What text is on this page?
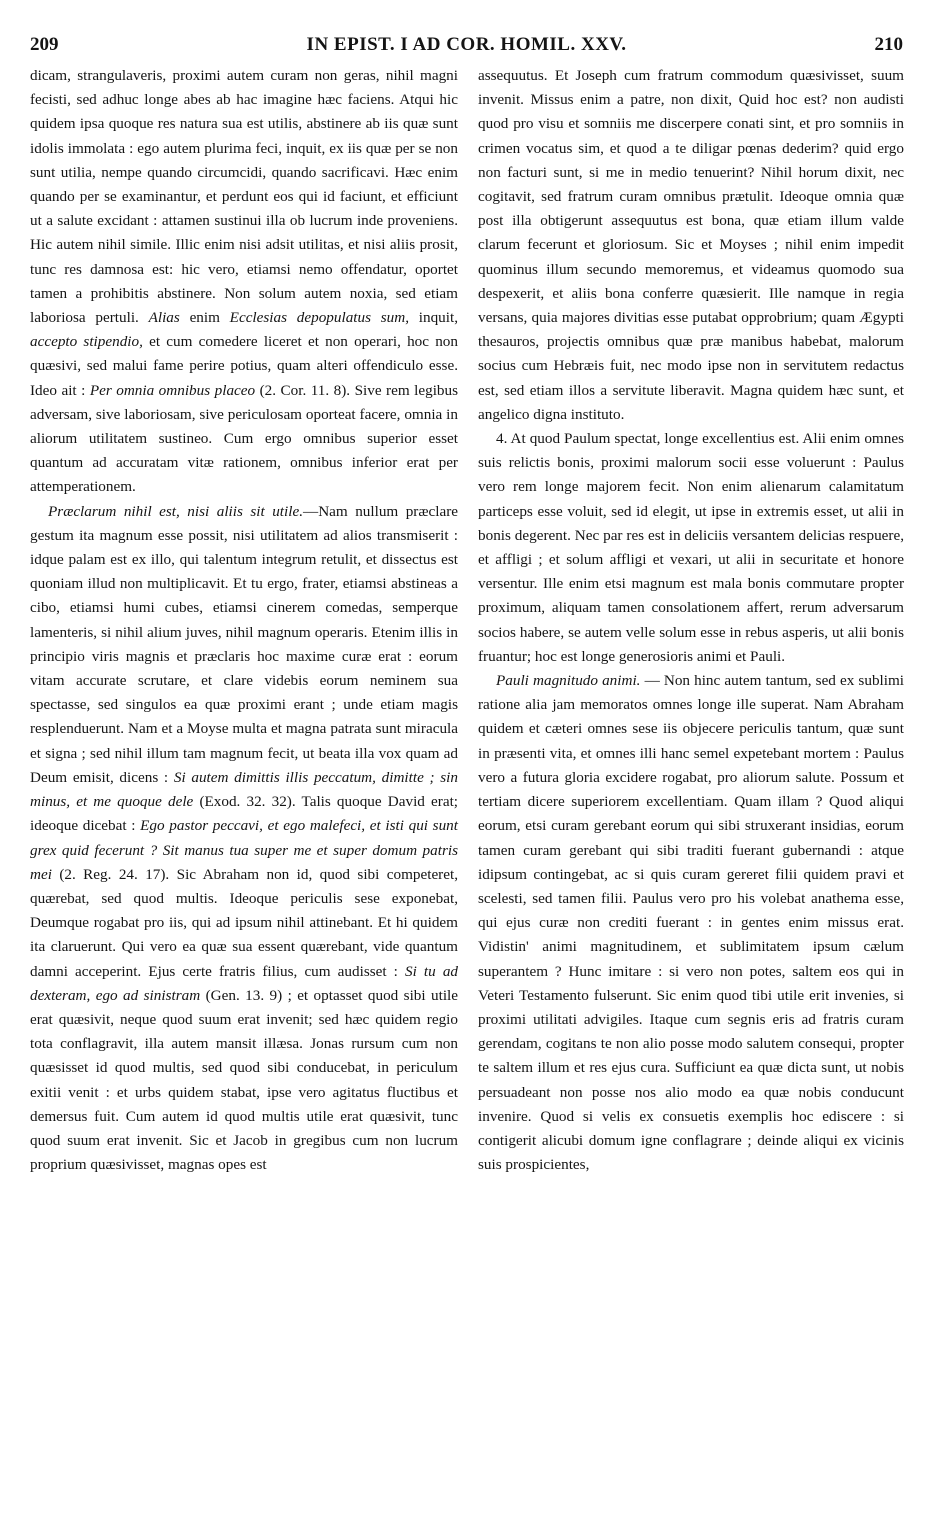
209	IN EPIST. I AD COR. HOMIL. XXV.	210

dicam, strangulaveris, proximi autem curam non geras, nihil magni fecisti, sed adhuc longe abes ab hac imagine hæc faciens. Atqui hic quidem ipsa quoque res natura sua est utilis, abstinere ab iis quæ sunt idolis immolata : ego autem plurima feci, inquit, ex iis quæ per se non sunt utilia, nempe quando circumcidi, quando sacrificavi. Hæc enim quando per se examinantur, et perdunt eos qui id faciunt, et efficiunt ut a salute excidant : attamen sustinui illa ob lucrum inde proveniens. Hic autem nihil simile. Illic enim nisi adsit utilitas, et nisi aliis prosit, tunc res damnosa est: hic vero, etiamsi nemo offendatur, oportet tamen a prohibitis abstinere. Non solum autem noxia, sed etiam laboriosa pertuli. Alias enim Ecclesias depopulatus sum, inquit, accepto stipendio, et cum comedere liceret et non operari, hoc non quæsivi, sed malui fame perire potius, quam alteri offendiculo esse. Ideo ait : Per omnia omnibus placeo (2. Cor. 11. 8). Sive rem legibus adversam, sive laboriosam, sive periculosam oporteat facere, omnia in aliorum utilitatem sustineo. Cum ergo omnibus superior esset quantum ad accuratam vitæ rationem, omnibus inferior erat per attemperationem.

Præclarum nihil est, nisi aliis sit utile.—Nam nullum præclare gestum ita magnum esse possit, nisi utilitatem ad alios transmiserit : idque palam est ex illo, qui talentum integrum retulit, et dissectus est quoniam illud non multiplicavit. Et tu ergo, frater, etiamsi abstineas a cibo, etiamsi humi cubes, etiamsi cinerem comedas, semperque lamenteris, si nihil alium juves, nihil magnum operaris. Etenim illis in principio viris magnis et præclaris hoc maxime curæ erat : eorum vitam accurate scrutare, et clare videbis eorum neminem sua spectasse, sed singulos ea quæ proximi erant ; unde etiam magis resplenduerunt. Nam et a Moyse multa et magna patrata sunt miracula et signa ; sed nihil illum tam magnum fecit, ut beata illa vox quam ad Deum emisit, dicens : Si autem dimittis illis peccatum, dimitte ; sin minus, et me quoque dele (Exod. 32. 32). Talis quoque David erat; ideoque dicebat : Ego pastor peccavi, et ego malefeci, et isti qui sunt grex quid fecerunt ? Sit manus tua super me et super domum patris mei (2. Reg. 24. 17). Sic Abraham non id, quod sibi competeret, quærebat, sed quod multis. Ideoque periculis sese exponebat, Deumque rogabat pro iis, qui ad ipsum nihil attinebant. Et hi quidem ita claruerunt. Qui vero ea quæ sua essent quærebant, vide quantum damni acceperint. Ejus certe fratris filius, cum audisset : Si tu ad dexteram, ego ad sinistram (Gen. 13. 9) ; et optasset quod sibi utile erat quæsivit, neque quod suum erat invenit; sed hæc quidem regio tota conflagravit, illa autem mansit illæsa. Jonas rursum cum non quæsisset id quod multis, sed quod sibi conducebat, in periculum exitii venit : et urbs quidem stabat, ipse vero agitatus fluctibus et demersus fuit. Cum autem id quod multis utile erat quæsivit, tunc quod suum erat invenit. Sic et Jacob in gregibus cum non lucrum proprium quæsivisset, magnas opes est

assequutus. Et Joseph cum fratrum commodum quæsivisset, suum invenit. Missus enim a patre, non dixit, Quid hoc est? non audisti quod pro visu et somniis me discerpere conati sint, et pro somniis in crimen vocatus sim, et quod a te diligar pœnas dederim? quid ergo non facturi sunt, si me in medio tenuerint? Nihil horum dixit, nec cogitavit, sed fratrum curam omnibus prætulit. Ideoque omnia quæ post illa obtigerunt assequutus est bona, quæ etiam illum valde clarum fecerunt et gloriosum. Sic et Moyses ; nihil enim impedit quominus illum secundo memoremus, et videamus quomodo sua despexerit, et aliis bona conferre quæsierit. Ille namque in regia versans, quia majores divitias esse putabat opprobrium; quam Ægypti thesauros, projectis omnibus quæ præ manibus habebat, malorum socius cum Hebræis fuit, nec modo ipse non in servitutem redactus est, sed etiam illos a servitute liberavit. Magna quidem hæc sunt, et angelico digna instituto.

4. At quod Paulum spectat, longe excellentius est. Alii enim omnes suis relictis bonis, proximi malorum socii esse voluerunt : Paulus vero rem longe majorem fecit. Non enim alienarum calamitatum particeps esse voluit, sed id elegit, ut ipse in extremis esset, ut alii in bonis degerent. Nec par res est in deliciis versantem delicias respuere, et affligi ; et solum affligi et vexari, ut alii in securitate et honore versentur. Ille enim etsi magnum est mala bonis commutare propter proximum, aliquam tamen consolationem affert, rerum adversarum socios habere, se autem velle solum esse in rebus asperis, ut alii bonis fruantur; hoc est longe generosioris animi et Pauli.

Pauli magnitudo animi. — Non hinc autem tantum, sed ex sublimi ratione alia jam memoratos omnes longe ille superat. Nam Abraham quidem et cæteri omnes sese iis objecere periculis tantum, quæ sunt in præsenti vita, et omnes illi hanc semel expetebant mortem : Paulus vero a futura gloria excidere rogabat, pro aliorum salute. Possum et tertiam dicere superiorem excellentiam. Quam illam ? Quod aliqui eorum, etsi curam gerebant eorum qui sibi struxerant insidias, eorum tamen curam gerebant qui sibi traditi fuerant gubernandi : atque idipsum contingebat, ac si quis curam gereret filii quidem pravi et scelesti, sed tamen filii. Paulus vero pro his volebat anathema esse, qui ejus curæ non crediti fuerant : in gentes enim missus erat. Vidistin' animi magnitudinem, et sublimitatem ipsum cælum superantem ? Hunc imitare : si vero non potes, saltem eos qui in Veteri Testamento fulserunt. Sic enim quod tibi utile erit invenies, si proximi utilitati advigiles. Itaque cum segnis eris ad fratris curam gerendam, cogitans te non alio posse modo salutem consequi, propter te saltem illum et res ejus cura. Sufficiunt ea quæ dicta sunt, ut nobis persuadeant non posse nos alio modo ea quæ nobis conducunt invenire. Quod si velis ex consuetis exemplis hoc ediscere : si contigerit alicubi domum igne conflagrare ; deinde aliqui ex vicinis suis prospicientes,
